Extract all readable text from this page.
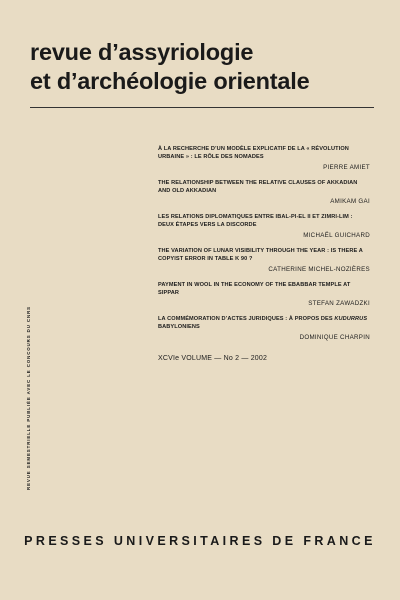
revue d’assyriologie
et d’archéologie orientale
À LA RECHERCHE D’UN MODÈLE EXPLICATIF DE LA « RÉVOLUTION URBAINE » : LE RÔLE DES NOMADES
PIERRE AMIET
THE RELATIONSHIP BETWEEN THE RELATIVE CLAUSES OF AKKADIAN AND OLD AKKADIAN
AMIKAM GAI
LES RELATIONS DIPLOMATIQUES ENTRE IBAL-PI-EL II ET ZIMRI-LIM : DEUX ÉTAPES VERS LA DISCORDE
MICHAËL GUICHARD
THE VARIATION OF LUNAR VISIBILITY THROUGH THE YEAR : IS THERE A COPYIST ERROR IN TABLE K 90 ?
CATHERINE MICHEL-NOZIÈRES
PAYMENT IN WOOL IN THE ECONOMY OF THE EBABBAR TEMPLE AT SIPPAR
STEFAN ZAWADZKI
LA COMMÉMORATION D’ACTES JURIDIQUES : À PROPOS DES KUDURRUS BABYLONIENS
DOMINIQUE CHARPIN
XCVIe VOLUME — No 2 — 2002
REVUE SEMESTRIELLE PUBLIÉE AVEC LE CONCOURS DU CNRS
PRESSES UNIVERSITAIRES DE FRANCE
